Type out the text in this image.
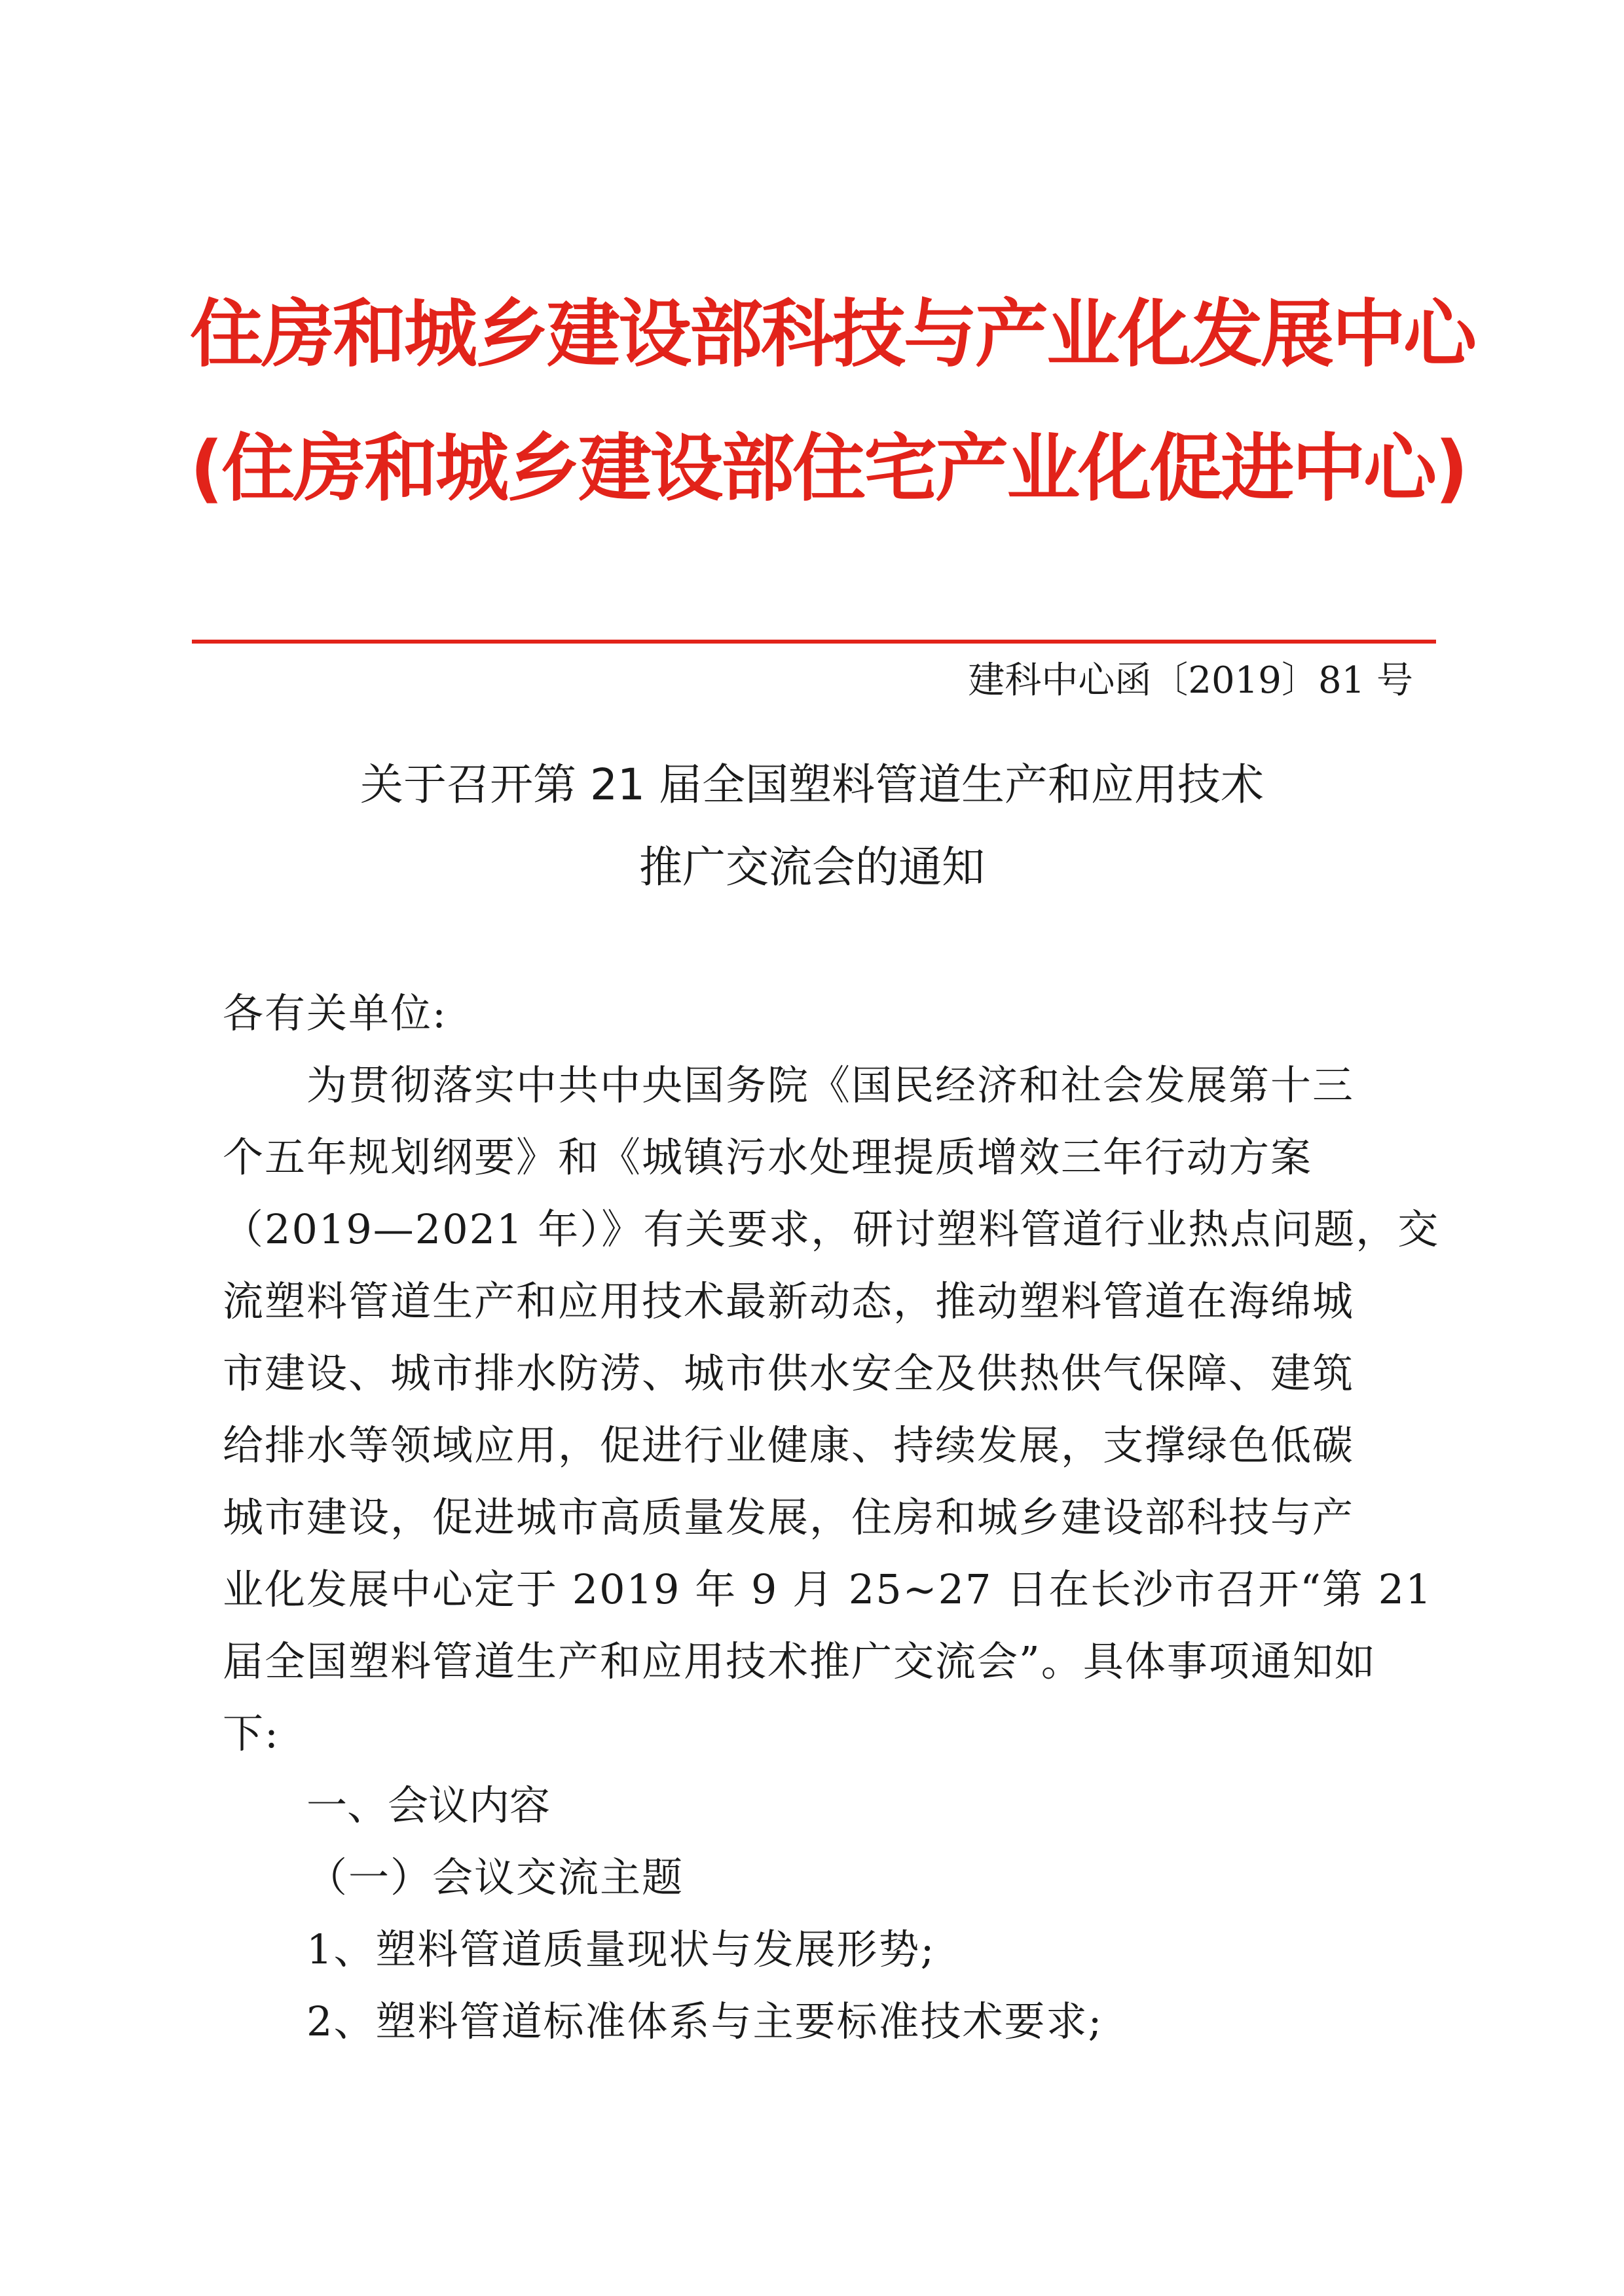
住房和城乡建设部科技与产业化发展中心
(住房和城乡建设部住宅产业化促进中心)
建科中心函〔2019〕81 号
关于召开第 21 届全国塑料管道生产和应用技术
推广交流会的通知
各有关单位:
为贯彻落实中共中央国务院《国民经济和社会发展第十三
个五年规划纲要》和《城镇污水处理提质增效三年行动方案
（2019—2021 年）》有关要求，研讨塑料管道行业热点问题，交
流塑料管道生产和应用技术最新动态，推动塑料管道在海绵城
市建设、城市排水防涝、城市供水安全及供热供气保障、建筑
给排水等领域应用，促进行业健康、持续发展，支撑绿色低碳
城市建设，促进城市高质量发展，住房和城乡建设部科技与产
业化发展中心定于 2019 年 9 月 25~27 日在长沙市召开“第 21
届全国塑料管道生产和应用技术推广交流会”。具体事项通知如
下:
一、会议内容
（一）会议交流主题
1、塑料管道质量现状与发展形势;
2、塑料管道标准体系与主要标准技术要求;
